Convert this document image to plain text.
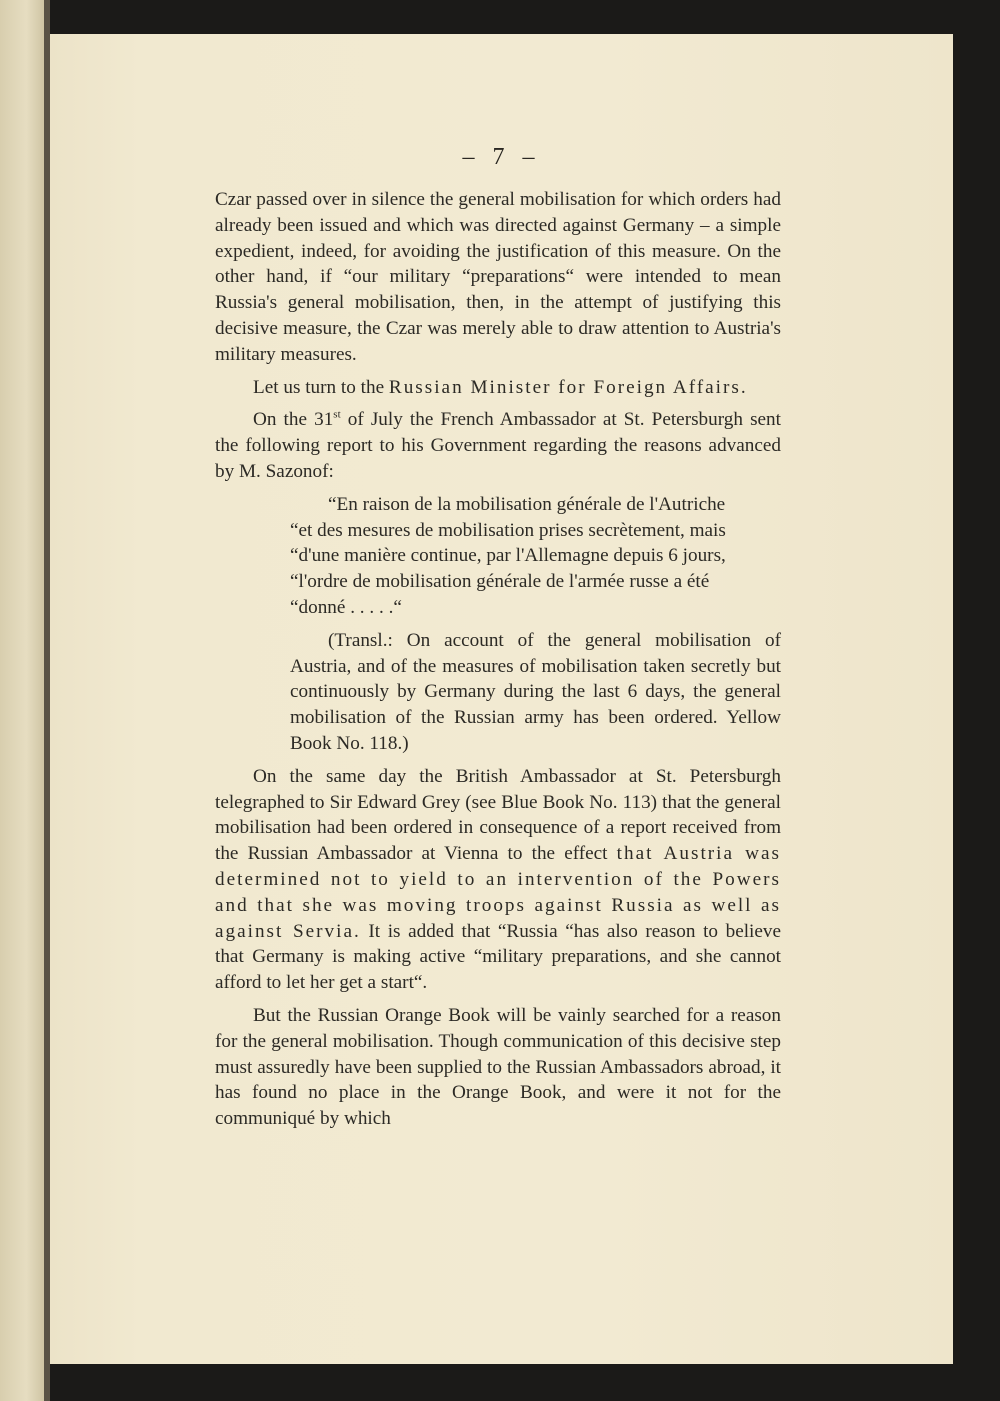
– 7 –

Czar passed over in silence the general mobilisation for which orders had already been issued and which was directed against Germany – a simple expedient, indeed, for avoiding the justification of this measure. On the other hand, if “our military “preparations“ were intended to mean Russia's general mobilisation, then, in the attempt of justifying this decisive measure, the Czar was merely able to draw attention to Austria's military measures.

Let us turn to the Russian Minister for Foreign Affairs.

On the 31st of July the French Ambassador at St. Petersburgh sent the following report to his Government regarding the reasons advanced by M. Sazonof:

“En raison de la mobilisation générale de l'Autriche
“et des mesures de mobilisation prises secrètement, mais
“d'une manière continue, par l'Allemagne depuis 6 jours,
“l'ordre de mobilisation générale de l'armée russe a été
“donné . . . . .“

(Transl.: On account of the general mobilisation of Austria, and of the measures of mobilisation taken secretly but continuously by Germany during the last 6 days, the general mobilisation of the Russian army has been ordered. Yellow Book No. 118.)

On the same day the British Ambassador at St. Petersburgh telegraphed to Sir Edward Grey (see Blue Book No. 113) that the general mobilisation had been ordered in consequence of a report received from the Russian Ambassador at Vienna to the effect that Austria was determined not to yield to an intervention of the Powers and that she was moving troops against Russia as well as against Servia. It is added that “Russia “has also reason to believe that Germany is making active “military preparations, and she cannot afford to let her get a start“.

But the Russian Orange Book will be vainly searched for a reason for the general mobilisation. Though communication of this decisive step must assuredly have been supplied to the Russian Ambassadors abroad, it has found no place in the Orange Book, and were it not for the communiqué by which
